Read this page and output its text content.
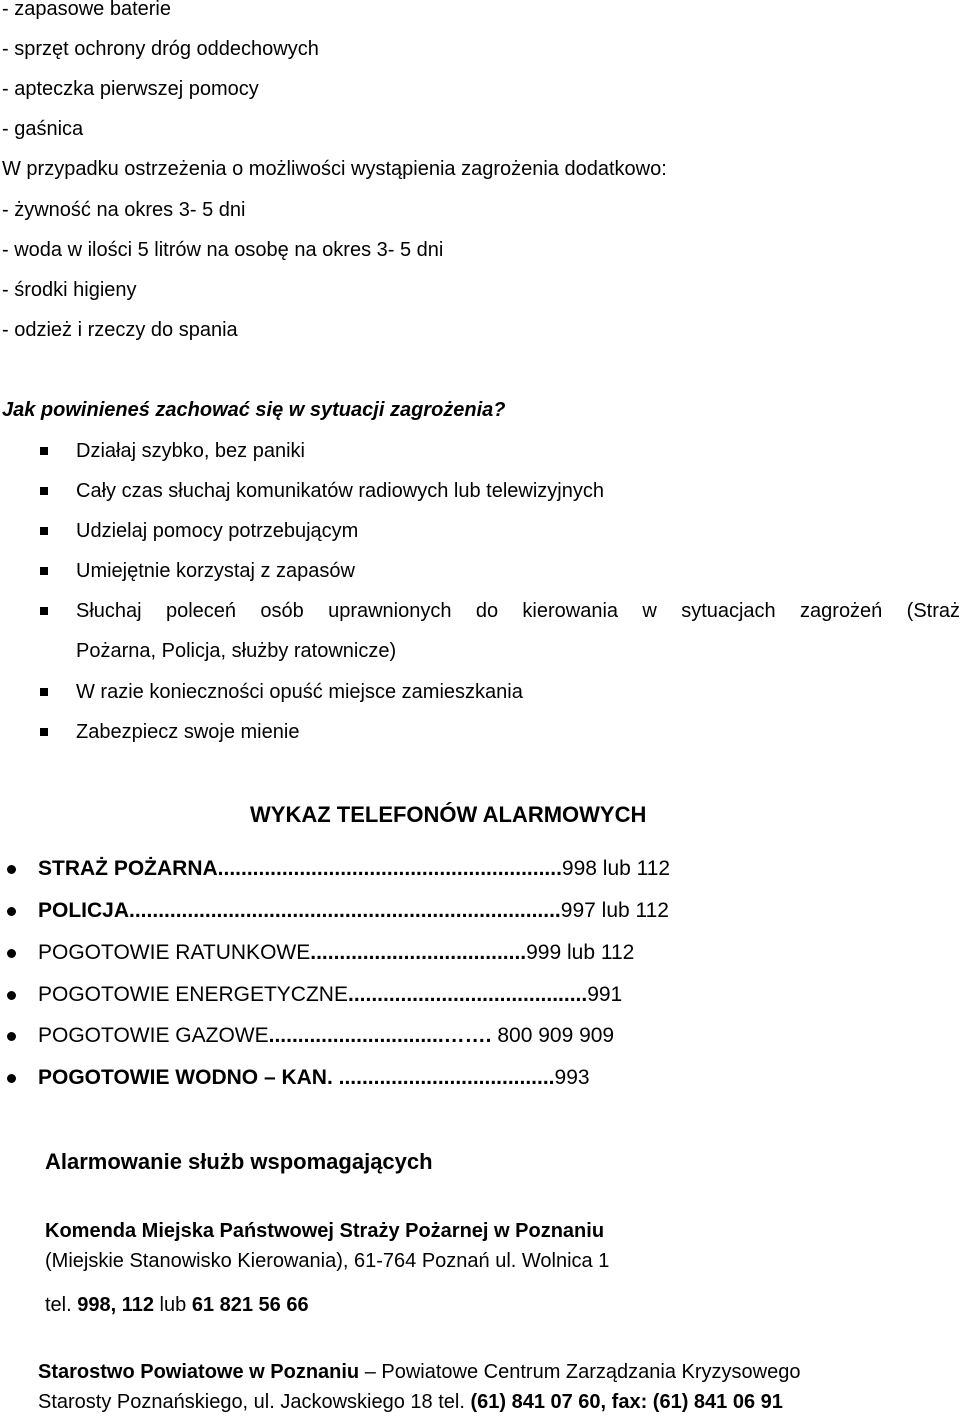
- zapasowe baterie
- sprzęt ochrony dróg oddechowych
- apteczka pierwszej pomocy
- gaśnica
W przypadku ostrzeżenia o możliwości wystąpienia zagrożenia dodatkowo:
- żywność na okres 3- 5 dni
- woda w ilości 5 litrów na osobę na okres 3- 5 dni
- środki higieny
- odzież i rzeczy do spania
Jak powinieneś zachować się w sytuacji zagrożenia?
Działaj szybko, bez paniki
Cały czas słuchaj komunikatów radiowych lub telewizyjnych
Udzielaj pomocy potrzebującym
Umiejętnie korzystaj z zapasów
Słuchaj poleceń osób uprawnionych do kierowania w sytuacjach zagrożeń (Straż
Pożarna, Policja, służby ratownicze)
W razie konieczności opuść miejsce zamieszkania
Zabezpiecz swoje mienie
WYKAZ TELEFONÓW ALARMOWYCH
STRAŻ POŻARNA...........................................................998 lub 112
POLICJA..........................................................................997 lub 112
POGOTOWIE RATUNKOWE.....................................999 lub 112
POGOTOWIE ENERGETYCZNE.........................................991
POGOTOWIE GAZOWE..............................……. 800 909 909
POGOTOWIE WODNO – KAN. .....................................993
Alarmowanie służb wspomagających
Komenda Miejska Państwowej Straży Pożarnej w Poznaniu
(Miejskie Stanowisko Kierowania), 61-764 Poznań ul. Wolnica 1
tel. 998, 112 lub 61 821 56 66
Starostwo Powiatowe w Poznaniu – Powiatowe Centrum Zarządzania Kryzysowego
Starosty Poznańskiego, ul. Jackowskiego 18 tel. (61) 841 07 60, fax: (61) 841 06 91
